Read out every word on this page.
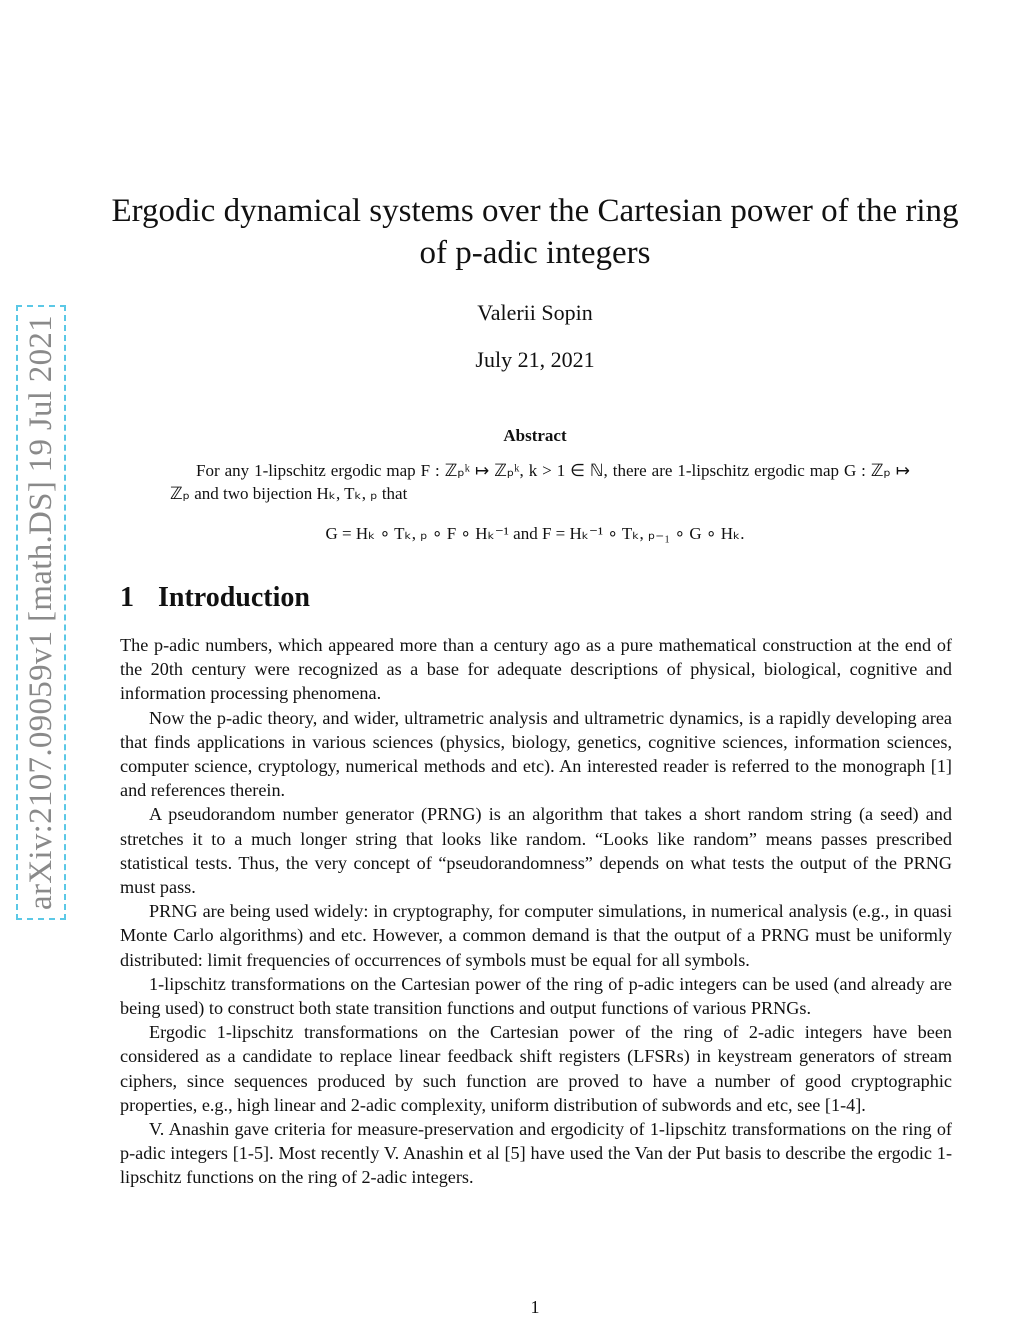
arXiv:2107.09059v1 [math.DS] 19 Jul 2021
Ergodic dynamical systems over the Cartesian power of the ring of p-adic integers
Valerii Sopin
July 21, 2021
Abstract

For any 1-lipschitz ergodic map F : ℤₚᵏ ↦ ℤₚᵏ, k > 1 ∈ ℕ, there are 1-lipschitz ergodic map G : ℤₚ ↦ ℤₚ and two bijection Hₖ, Tₖ, ₚ that

G = Hₖ ∘ Tₖ, ₚ ∘ F ∘ Hₖ⁻¹ and F = Hₖ⁻¹ ∘ Tₖ, ₚ₋₁ ∘ G ∘ Hₖ.
1 Introduction

The p-adic numbers, which appeared more than a century ago as a pure mathematical construction at the end of the 20th century were recognized as a base for adequate descriptions of physical, biological, cognitive and information processing phenomena.

Now the p-adic theory, and wider, ultrametric analysis and ultrametric dynamics, is a rapidly developing area that finds applications in various sciences (physics, biology, genetics, cognitive sciences, information sciences, computer science, cryptology, numerical methods and etc). An interested reader is referred to the monograph [1] and references therein.

A pseudorandom number generator (PRNG) is an algorithm that takes a short random string (a seed) and stretches it to a much longer string that looks like random. “Looks like random” means passes prescribed statistical tests. Thus, the very concept of “pseudorandomness” depends on what tests the output of the PRNG must pass.

PRNG are being used widely: in cryptography, for computer simulations, in numerical analysis (e.g., in quasi Monte Carlo algorithms) and etc. However, a common demand is that the output of a PRNG must be uniformly distributed: limit frequencies of occurrences of symbols must be equal for all symbols.

1-lipschitz transformations on the Cartesian power of the ring of p-adic integers can be used (and already are being used) to construct both state transition functions and output functions of various PRNGs.

Ergodic 1-lipschitz transformations on the Cartesian power of the ring of 2-adic integers have been considered as a candidate to replace linear feedback shift registers (LFSRs) in keystream generators of stream ciphers, since sequences produced by such function are proved to have a number of good cryptographic properties, e.g., high linear and 2-adic complexity, uniform distribution of subwords and etc, see [1-4].

V. Anashin gave criteria for measure-preservation and ergodicity of 1-lipschitz transformations on the ring of p-adic integers [1-5]. Most recently V. Anashin et al [5] have used the Van der Put basis to describe the ergodic 1-lipschitz functions on the ring of 2-adic integers.

1
